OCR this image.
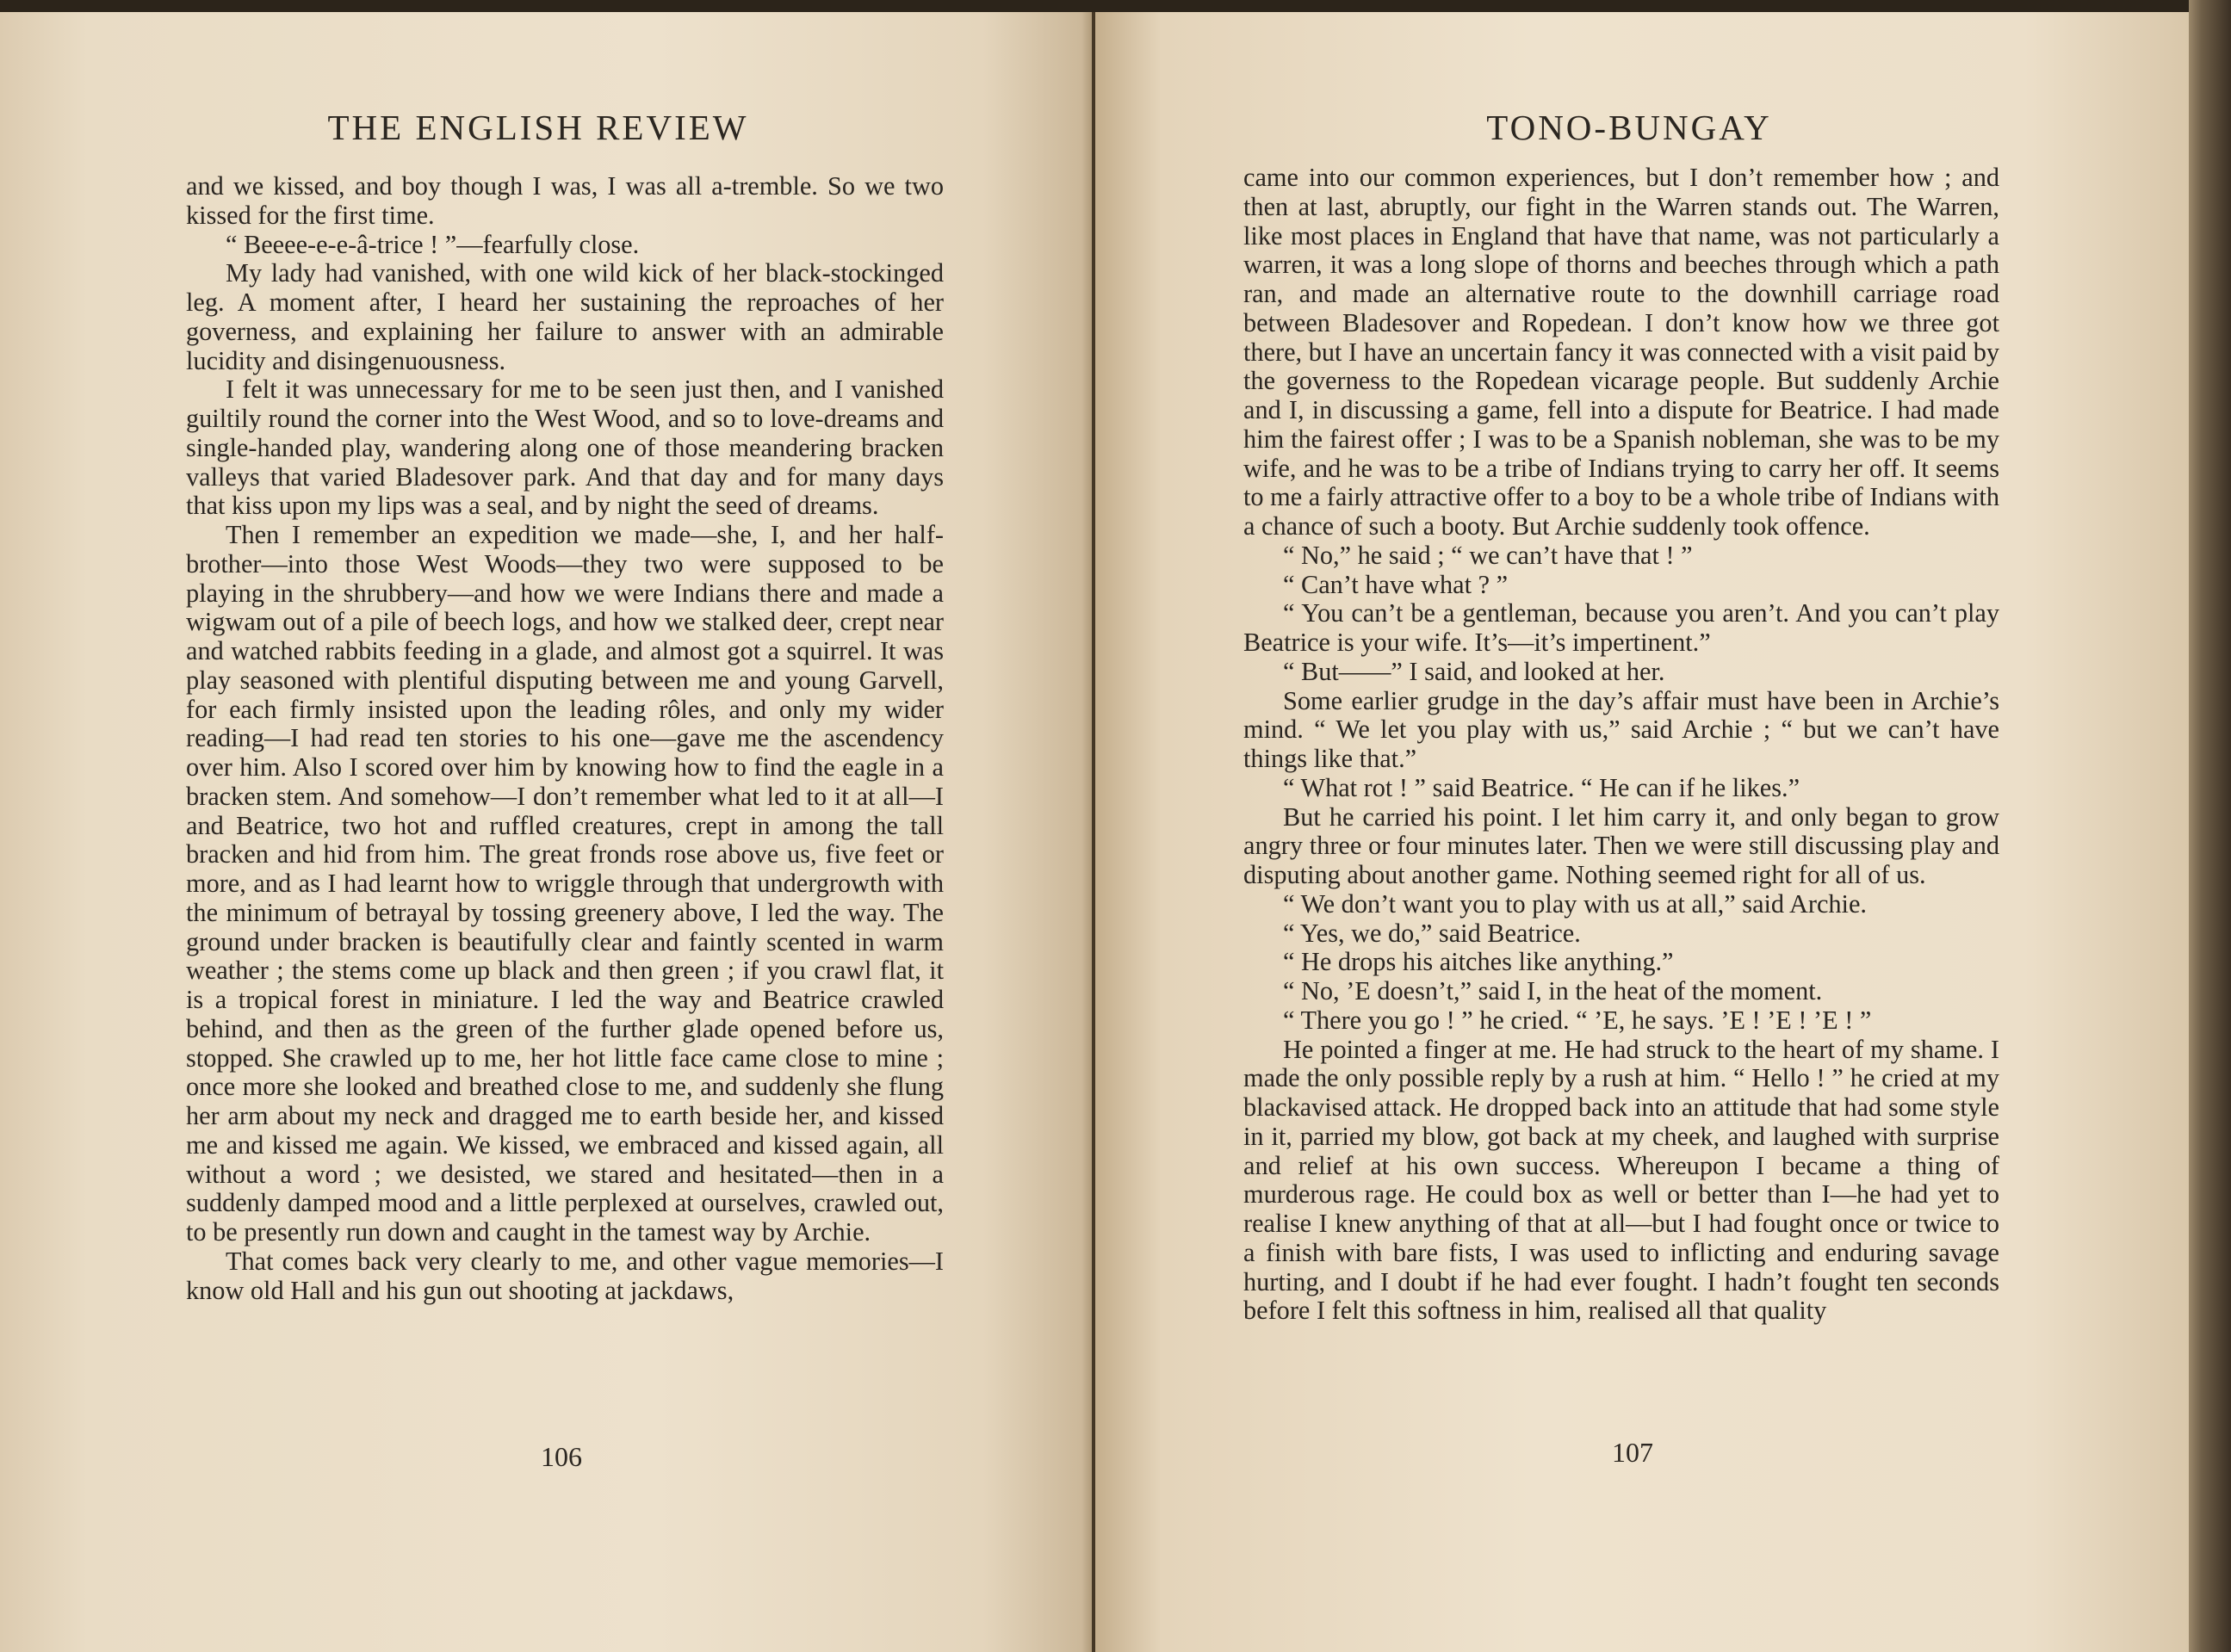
THE ENGLISH REVIEW

and we kissed, and boy though I was, I was all a-tremble. So we two kissed for the first time.

“ Beeee-e-e-â-trice ! ”—fearfully close.

My lady had vanished, with one wild kick of her black-stockinged leg. A moment after, I heard her sustaining the reproaches of her governess, and explaining her failure to answer with an admirable lucidity and disingenuousness.

I felt it was unnecessary for me to be seen just then, and I vanished guiltily round the corner into the West Wood, and so to love-dreams and single-handed play, wandering along one of those meandering bracken valleys that varied Bladesover park. And that day and for many days that kiss upon my lips was a seal, and by night the seed of dreams.

Then I remember an expedition we made—she, I, and her half-brother—into those West Woods—they two were supposed to be playing in the shrubbery—and how we were Indians there and made a wigwam out of a pile of beech logs, and how we stalked deer, crept near and watched rabbits feeding in a glade, and almost got a squirrel. It was play seasoned with plentiful disputing between me and young Garvell, for each firmly insisted upon the leading rôles, and only my wider reading—I had read ten stories to his one—gave me the ascendency over him. Also I scored over him by knowing how to find the eagle in a bracken stem. And somehow—I don’t remember what led to it at all—I and Beatrice, two hot and ruffled creatures, crept in among the tall bracken and hid from him. The great fronds rose above us, five feet or more, and as I had learnt how to wriggle through that undergrowth with the minimum of betrayal by tossing greenery above, I led the way. The ground under bracken is beautifully clear and faintly scented in warm weather ; the stems come up black and then green ; if you crawl flat, it is a tropical forest in miniature. I led the way and Beatrice crawled behind, and then as the green of the further glade opened before us, stopped. She crawled up to me, her hot little face came close to mine ; once more she looked and breathed close to me, and suddenly she flung her arm about my neck and dragged me to earth beside her, and kissed me and kissed me again. We kissed, we embraced and kissed again, all without a word ; we desisted, we stared and hesitated—then in a suddenly damped mood and a little perplexed at ourselves, crawled out, to be presently run down and caught in the tamest way by Archie.

That comes back very clearly to me, and other vague memories—I know old Hall and his gun out shooting at jackdaws,

106
TONO-BUNGAY

came into our common experiences, but I don’t remember how ; and then at last, abruptly, our fight in the Warren stands out. The Warren, like most places in England that have that name, was not particularly a warren, it was a long slope of thorns and beeches through which a path ran, and made an alternative route to the downhill carriage road between Bladesover and Ropedean. I don’t know how we three got there, but I have an uncertain fancy it was connected with a visit paid by the governess to the Ropedean vicarage people. But suddenly Archie and I, in discussing a game, fell into a dispute for Beatrice. I had made him the fairest offer ; I was to be a Spanish nobleman, she was to be my wife, and he was to be a tribe of Indians trying to carry her off. It seems to me a fairly attractive offer to a boy to be a whole tribe of Indians with a chance of such a booty. But Archie suddenly took offence.

“ No,” he said ; “ we can’t have that ! ”

“ Can’t have what ? ”

“ You can’t be a gentleman, because you aren’t. And you can’t play Beatrice is your wife. It’s—it’s impertinent.”

“ But——” I said, and looked at her.

Some earlier grudge in the day’s affair must have been in Archie’s mind. “ We let you play with us,” said Archie ; “ but we can’t have things like that.”

“ What rot ! ” said Beatrice. “ He can if he likes.”

But he carried his point. I let him carry it, and only began to grow angry three or four minutes later. Then we were still discussing play and disputing about another game. Nothing seemed right for all of us.

“ We don’t want you to play with us at all,” said Archie.

“ Yes, we do,” said Beatrice.

“ He drops his aitches like anything.”

“ No, ’E doesn’t,” said I, in the heat of the moment.

“ There you go ! ” he cried. “ ’E, he says. ’E ! ’E ! ’E ! ”

He pointed a finger at me. He had struck to the heart of my shame. I made the only possible reply by a rush at him. “ Hello ! ” he cried at my blackavised attack. He dropped back into an attitude that had some style in it, parried my blow, got back at my cheek, and laughed with surprise and relief at his own success. Whereupon I became a thing of murderous rage. He could box as well or better than I—he had yet to realise I knew anything of that at all—but I had fought once or twice to a finish with bare fists, I was used to inflicting and enduring savage hurting, and I doubt if he had ever fought. I hadn’t fought ten seconds before I felt this softness in him, realised all that quality

107
